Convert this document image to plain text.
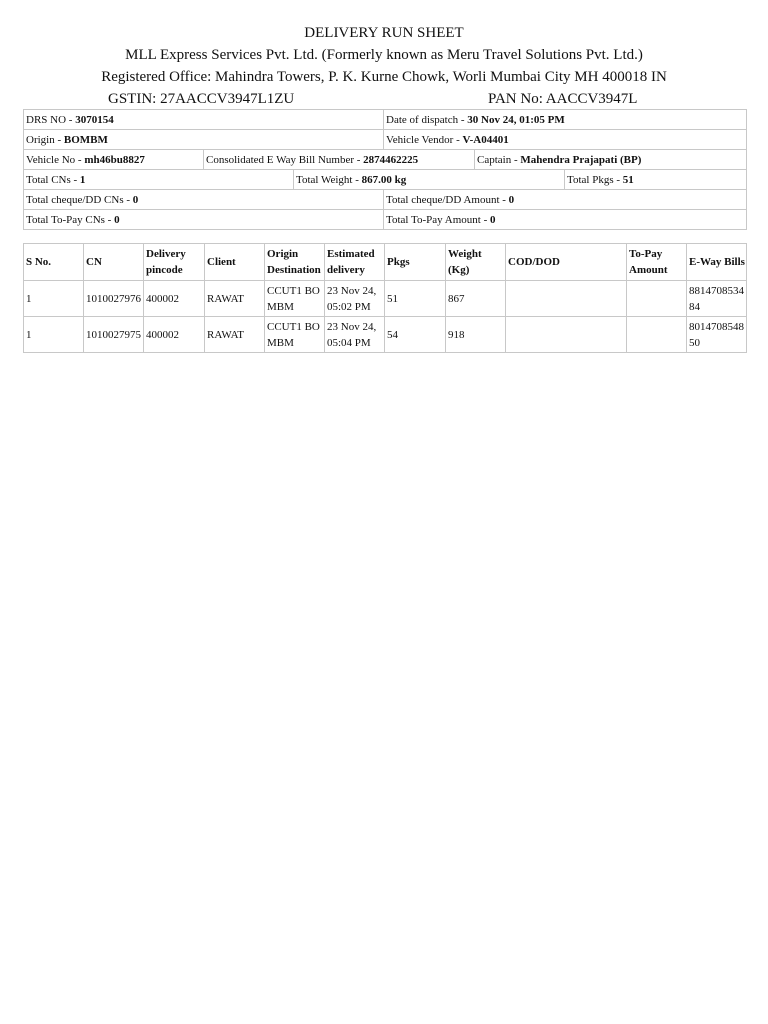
DELIVERY RUN SHEET
MLL Express Services Pvt. Ltd. (Formerly known as Meru Travel Solutions Pvt. Ltd.)
Registered Office: Mahindra Towers, P. K. Kurne Chowk, Worli Mumbai City MH 400018 IN
GSTIN: 27AACCV3947L1ZU	PAN No: AACCV3947L
DRS NO - 3070154			Date of dispatch - 30 Nov 24, 01:05 PM		
Origin - BOMBM			Vehicle Vendor - V-A04401		
Vehicle No - mh46bu8827	Consolidated E Way Bill Number - 2874462225			Captain - Mahendra Prajapati (BP)	
Total CNs - 1		Total Weight - 867.00 kg			Total Pkgs - 51
Total cheque/DD CNs - 0			Total cheque/DD Amount - 0		
Total To-Pay CNs - 0			Total To-Pay Amount - 0		
S No.	CN	Delivery pincode	Client	Origin Destination	Estimated delivery	Pkgs	Weight (Kg)	COD/DOD	To-Pay Amount	E-Way Bills
1	1010027976	400002	RAWAT	CCUT1 BOMBM	23 Nov 24, 05:02 PM	51	867			881470853484
1	1010027975	400002	RAWAT	CCUT1 BOMBM	23 Nov 24, 05:04 PM	54	918			801470854850
